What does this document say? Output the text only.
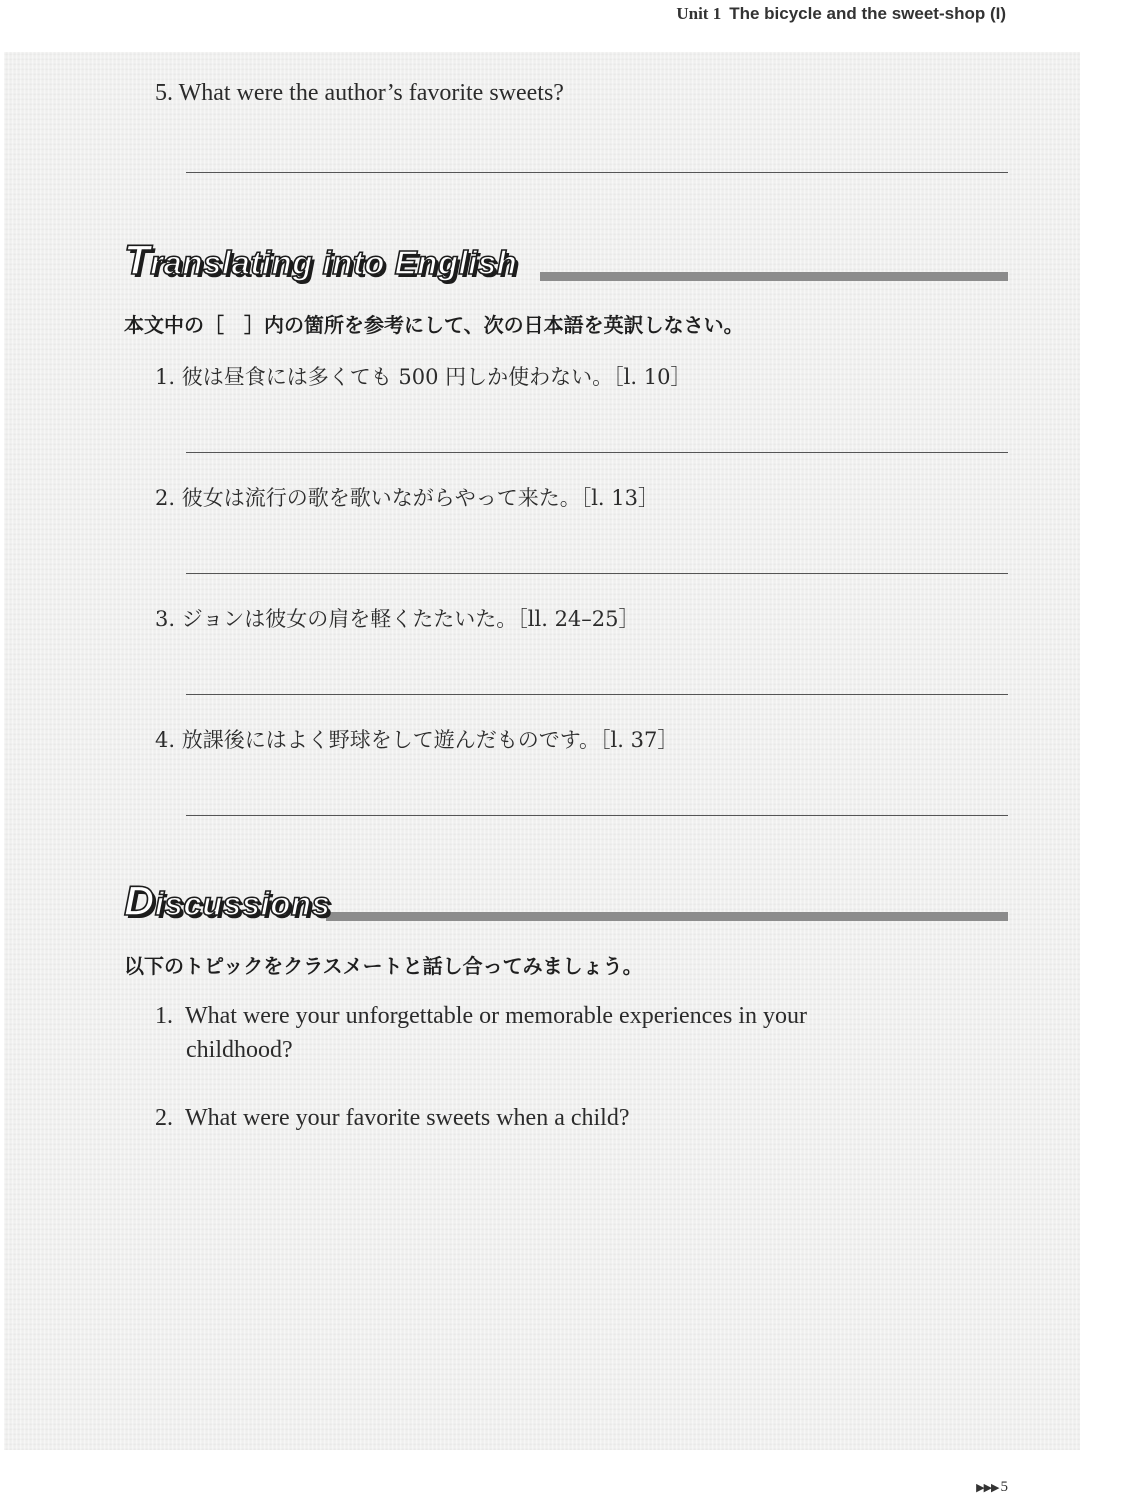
Unit 1 The bicycle and the sweet-shop (I)
5. What were the author’s favorite sweets?
Translating into English
本文中の［　］内の箇所を参考にして、次の日本語を英訳しなさい。
1. 彼は昼食には多くても 500 円しか使わない。［l. 10］
2. 彼女は流行の歌を歌いながらやって来た。［l. 13］
3. ジョンは彼女の肩を軽くたたいた。［ll. 24–25］
4. 放課後にはよく野球をして遊んだものです。［l. 37］
Discussions
以下のトピックをクラスメートと話し合ってみましょう。
1. What were your unforgettable or memorable experiences in your
childhood?
2. What were your favorite sweets when a child?
▶▶▶ 5
